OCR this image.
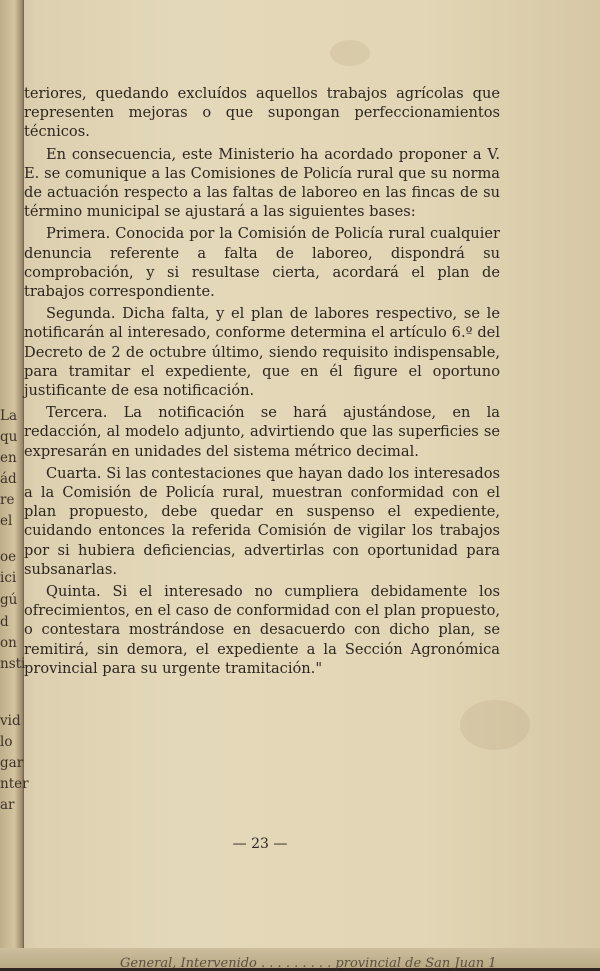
La
qu
en
ád
re
el
oe
ici
gú
d
on
nsti
vid
lo
gar
nter
ar

teriores, quedando excluídos aquellos trabajos agrícolas que representen mejoras o que supongan perfeccionamientos técnicos.

En consecuencia, este Ministerio ha acordado proponer a V. E. se comunique a las Comisiones de Policía rural que su norma de actuación respecto a las faltas de laboreo en las fincas de su término municipal se ajustará a las siguientes bases:

Primera. Conocida por la Comisión de Policía rural cualquier denuncia referente a falta de laboreo, dispondrá su comprobación, y si resultase cierta, acordará el plan de trabajos correspondiente.

Segunda. Dicha falta, y el plan de labores respectivo, se le notificarán al interesado, conforme determina el artículo 6.º del Decreto de 2 de octubre último, siendo requisito indispensable, para tramitar el expediente, que en él figure el oportuno justificante de esa notificación.

Tercera. La notificación se hará ajustándose, en la redacción, al modelo adjunto, advirtiendo que las superficies se expresarán en unidades del sistema métrico decimal.

Cuarta. Si las contestaciones que hayan dado los interesados a la Comisión de Policía rural, muestran conformidad con el plan propuesto, debe quedar en suspenso el expediente, cuidando entonces la referida Comisión de vigilar los trabajos por si hubiera deficiencias, advertirlas con oportunidad para subsanarlas.

Quinta. Si el interesado no cumpliera debidamente los ofrecimientos, en el caso de conformidad con el plan propuesto, o contestara mostrándose en desacuerdo con dicho plan, se remitirá, sin demora, el expediente a la Sección Agronómica provincial para su urgente tramitación."

— 23 —
General, Intervenido . . . . . . . . . provincial de San Juan 1
